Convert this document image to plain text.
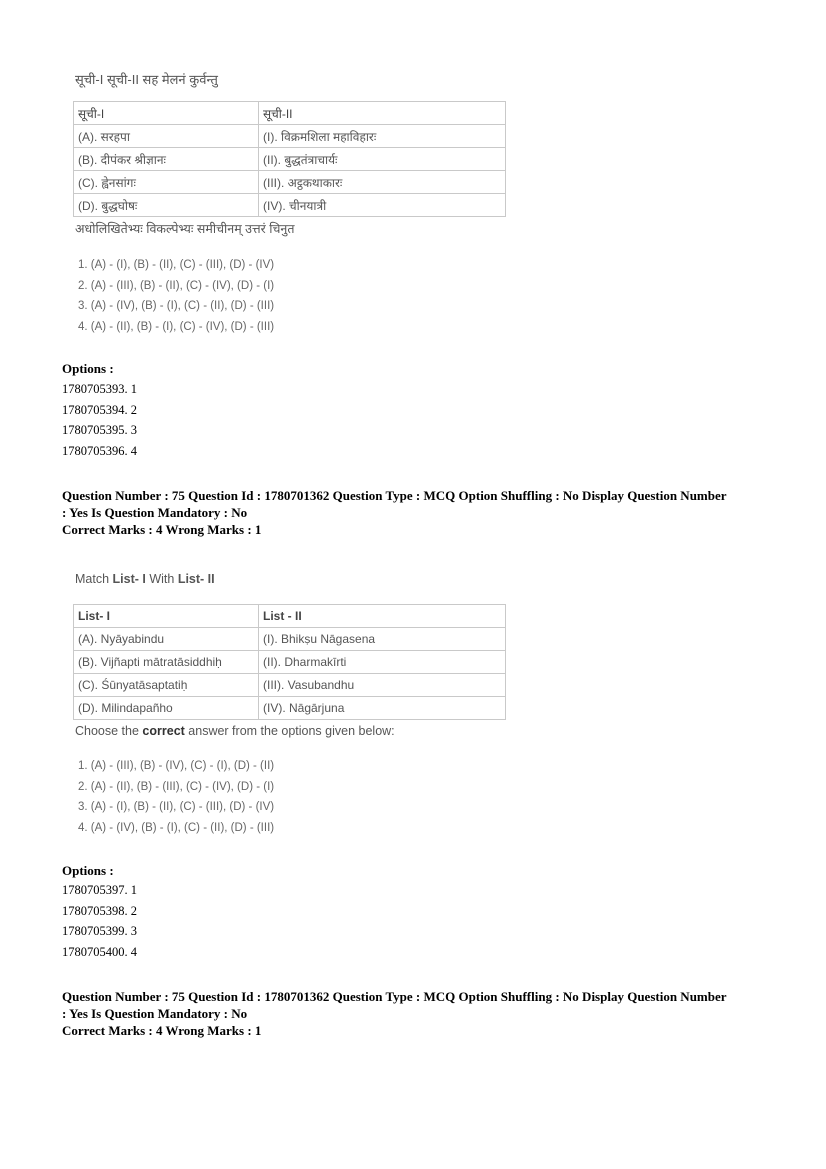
सूची-I सूची-II सह मेलनं कुर्वन्तु
सूची-I	सूची-II
(A). सरहपा	(I). विक्रमशिला महाविहारः
(B). दीपंकर श्रीज्ञानः	(II). बुद्धतंत्राचार्यः
(C). ह्वेनसांगः	(III). अट्ठकथाकारः
(D). बुद्धघोषः	(IV). चीनयात्री
अधोलिखितेभ्यः विकल्पेभ्यः समीचीनम् उत्तरं चिनुत
1. (A) - (I), (B) - (II), (C) - (III), (D) - (IV)
2. (A) - (III), (B) - (II), (C) - (IV), (D) - (I)
3. (A) - (IV), (B) - (I), (C) - (II), (D) - (III)
4. (A) - (II), (B) - (I), (C) - (IV), (D) - (III)
Options :
1780705393. 1
1780705394. 2
1780705395. 3
1780705396. 4
Question Number : 75 Question Id : 1780701362 Question Type : MCQ Option Shuffling : No Display Question Number
: Yes Is Question Mandatory : No
Correct Marks : 4 Wrong Marks : 1
Match List- I With List- II
List- I	List - II
(A). Nyāyabindu	(I). Bhikṣu Nāgasena
(B). Vijñapti mātratāsiddhiḥ	(II). Dharmakīrti
(C). Śūnyatāsaptatiḥ	(III). Vasubandhu
(D). Milindapañho	(IV). Nāgārjuna
Choose the correct answer from the options given below:
1. (A) - (III), (B) - (IV), (C) - (I), (D) - (II)
2. (A) - (II), (B) - (III), (C) - (IV), (D) - (I)
3. (A) - (I), (B) - (II), (C) - (III), (D) - (IV)
4. (A) - (IV), (B) - (I), (C) - (II), (D) - (III)
Options :
1780705397. 1
1780705398. 2
1780705399. 3
1780705400. 4
Question Number : 75 Question Id : 1780701362 Question Type : MCQ Option Shuffling : No Display Question Number
: Yes Is Question Mandatory : No
Correct Marks : 4 Wrong Marks : 1
